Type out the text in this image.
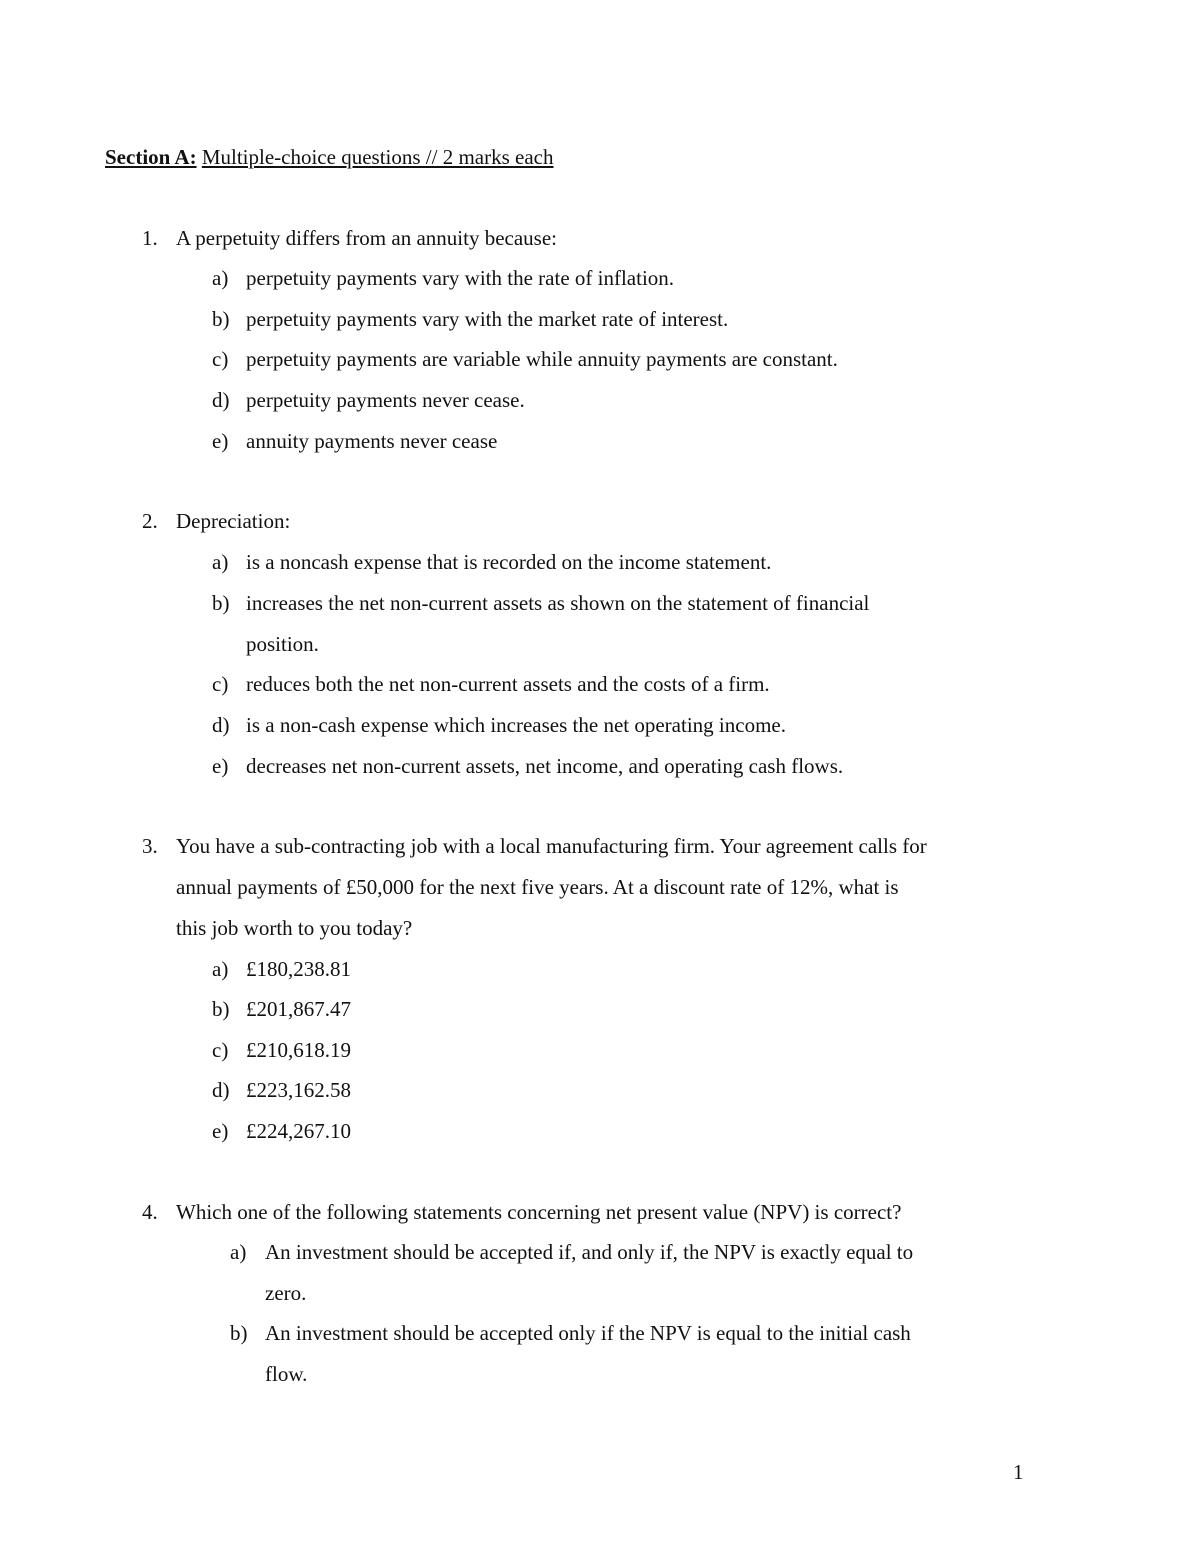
Section A: Multiple-choice questions // 2 marks each
1. A perpetuity differs from an annuity because:
a) perpetuity payments vary with the rate of inflation.
b) perpetuity payments vary with the market rate of interest.
c) perpetuity payments are variable while annuity payments are constant.
d) perpetuity payments never cease.
e) annuity payments never cease
2. Depreciation:
a) is a noncash expense that is recorded on the income statement.
b) increases the net non-current assets as shown on the statement of financial
position.
c) reduces both the net non-current assets and the costs of a firm.
d) is a non-cash expense which increases the net operating income.
e) decreases net non-current assets, net income, and operating cash flows.
3. You have a sub-contracting job with a local manufacturing firm. Your agreement calls for
annual payments of £50,000 for the next five years. At a discount rate of 12%, what is
this job worth to you today?
a) £180,238.81
b) £201,867.47
c) £210,618.19
d) £223,162.58
e) £224,267.10
4. Which one of the following statements concerning net present value (NPV) is correct?
a) An investment should be accepted if, and only if, the NPV is exactly equal to
zero.
b) An investment should be accepted only if the NPV is equal to the initial cash
flow.
1
